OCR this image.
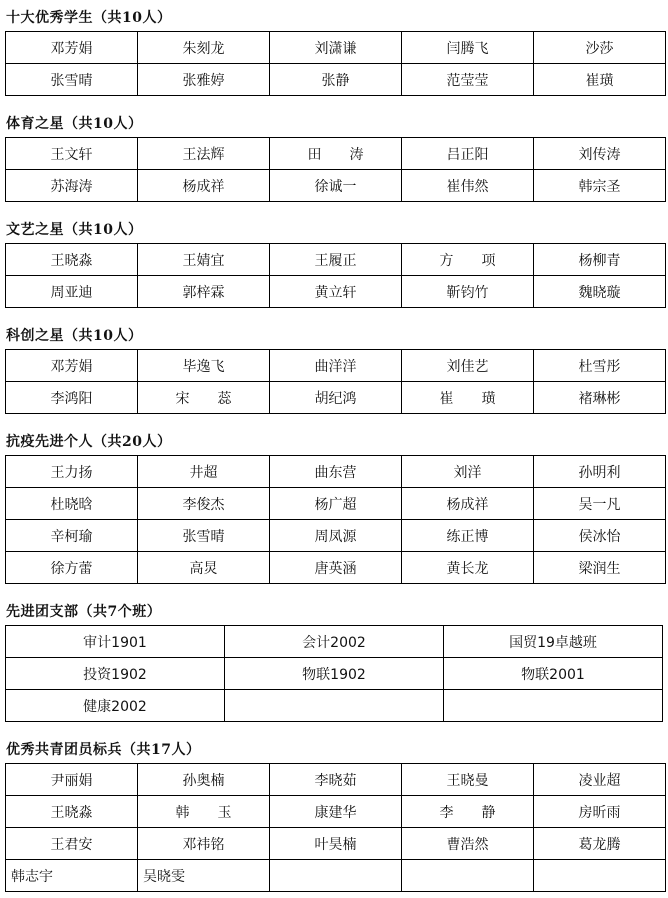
十大优秀学生（共10人）
邓芳娟	朱刻龙	刘潇谦	闫腾飞	沙莎
张雪晴	张雅婷	张静	范莹莹	崔璜
体育之星（共10人）
王文轩	王法辉	田　　涛	吕正阳	刘传涛
苏海涛	杨成祥	徐诚一	崔伟然	韩宗圣
文艺之星（共10人）
王晓淼	王婧宜	王履正	方　　项	杨柳青
周亚迪	郭梓霖	黄立轩	靳钧竹	魏晓璇
科创之星（共10人）
邓芳娟	毕逸飞	曲洋洋	刘佳艺	杜雪彤
李鸿阳	宋　　蕊	胡纪鸿	崔　　璜	褚琳彬
抗疫先进个人（共20人）
王力扬	井超	曲东营	刘洋	孙明利
杜晓晗	李俊杰	杨广超	杨成祥	吴一凡
辛柯瑜	张雪晴	周凤源	练正博	侯冰怡
徐方蕾	高炅	唐英涵	黄长龙	梁润生
先进团支部（共7个班）
审计1901	会计2002	国贸19卓越班
投资1902	物联1902	物联2001
健康2002		
优秀共青团员标兵（共17人）
尹丽娟	孙奥楠	李晓茹	王晓曼	凌业超
王晓淼	韩　　玉	康建华	李　　静	房昕雨
王君安	邓祎铭	叶昊楠	曹浩然	葛龙腾
韩志宇	吴晓雯			
